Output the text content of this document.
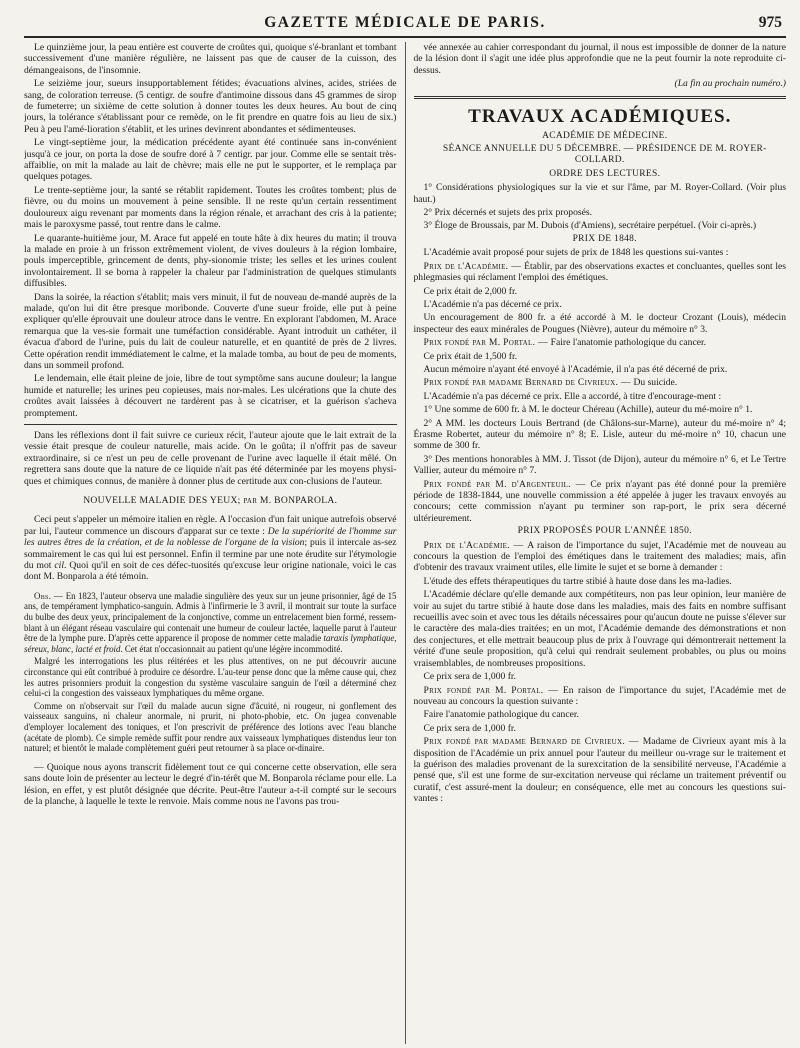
GAZETTE MÉDICALE DE PARIS.	975

Le quinzième jour, la peau entière est couverte de croûtes qui, quoique s'é-branlant et tombant successivement d'une manière régulière, ne laissent pas que de causer de la cuisson, des démangeaisons, de l'insomnie.

Le seizième jour, sueurs insupportablement fétides; évacuations alvines, acides, striées de sang, de coloration terreuse. (5 centigr. de soufre d'antimoine dissous dans 45 grammes de sirop de fumeterre; un sixième de cette solution à donner toutes les deux heures. Au bout de cinq jours, la tolérance s'établissant pour ce remède, on le fit prendre en quatre fois au lieu de six.) Peu à peu l'amé-lioration s'établit, et les urines devinrent abondantes et sédimenteuses.

Le vingt-septième jour, la médication précédente ayant été continuée sans in-convénient jusqu'à ce jour, on porta la dose de soufre doré à 7 centigr. par jour. Comme elle se sentait très-affaiblie, on mit la malade au lait de chèvre; mais elle ne put le supporter, et le remplaça par quelques potages.

Le trente-septième jour, la santé se rétablit rapidement. Toutes les croûtes tombent; plus de fièvre, ou du moins un mouvement à peine sensible. Il ne reste qu'un certain ressentiment douloureux aigu revenant par moments dans la région rénale, et arrachant des cris à la patiente; mais le paroxysme passé, tout rentre dans le calme.

Le quarante-huitième jour, M. Arace fut appelé en toute hâte à dix heures du matin; il trouva la malade en proie à un frisson extrêmement violent, de vives douleurs à la région lombaire, pouls imperceptible, grincement de dents, phy-sionomie triste; les selles et les urines coulent involontairement. Il se borna à rappeler la chaleur par l'administration de quelques stimulants diffusibles.

Dans la soirée, la réaction s'établit; mais vers minuit, il fut de nouveau de-mandé auprès de la malade, qu'on lui dit être presque moribonde. Couverte d'une sueur froide, elle put à peine expliquer qu'elle éprouvait une douleur atroce dans le ventre. En explorant l'abdomen, M. Arace remarqua que la ves-sie formait une tuméfaction considérable. Ayant introduit un cathéter, il évacua d'abord de l'urine, puis du lait de couleur naturelle, et en quantité de près de 2 livres. Cette opération rendit immédiatement le calme, et la malade tomba, au bout de peu de moments, dans un sommeil profond.

Le lendemain, elle était pleine de joie, libre de tout symptôme sans aucune douleur; la langue humide et naturelle; les urines peu copieuses, mais nor-males. Les ulcérations que la chute des croûtes avait laissées à découvert ne tardèrent pas à se cicatriser, et la guérison s'acheva promptement.

Dans les réflexions dont il fait suivre ce curieux récit, l'auteur ajoute que le lait extrait de la vessie était presque de couleur naturelle, mais acide. On le goûta; il n'offrit pas de saveur extraordinaire, si ce n'est un peu de celle provenant de l'urine avec laquelle il était mêlé. On regrettera sans doute que la nature de ce liquide n'ait pas été déterminée par les moyens physi-ques et chimiques connus, de manière à donner plus de certitude aux con-clusions de l'auteur.

NOUVELLE MALADIE DES YEUX; par M. BONPAROLA.

Ceci peut s'appeler un mémoire italien en règle. A l'occasion d'un fait unique autrefois observé par lui, l'auteur commence un discours d'apparat sur ce texte : De la supériorité de l'homme sur les autres êtres de la création, et de la noblesse de l'organe de la vision; puis il intercale as-sez sommairement le cas qui lui est personnel. Enfin il termine par une note érudite sur l'étymologie du mot cil. Quoi qu'il en soit de ces défec-tuosités qu'excuse leur origine nationale, voici le cas dont M. Bonparola a été témoin.

Obs. — En 1823, l'auteur observa une maladie singulière des yeux sur un jeune prisonnier, âgé de 15 ans, de tempérament lymphatico-sanguin. Admis à l'infirmerie le 3 avril, il montrait sur toute la surface du bulbe des deux yeux, principalement de la conjonctive, comme un entrelacement bien formé, ressem-blant à un élégant réseau vasculaire qui contenait une humeur de couleur lactée, laquelle parut à l'auteur être de la lymphe pure. D'après cette apparence il propose de nommer cette maladie taraxis lymphatique, séreux, blanc, lacté et froid. Cet état n'occasionnait au patient qu'une légère incommodité.

Malgré les interrogations les plus réitérées et les plus attentives, on ne put découvrir aucune circonstance qui eût contribué à produire ce désordre. L'au-teur pense donc que la même cause qui, chez les autres prisonniers produit la congestion du système vasculaire sanguin de l'œil a déterminé chez celui-ci la congestion des vaisseaux lymphatiques du même organe.

Comme on n'observait sur l'œil du malade aucun signe d'âcuité, ni rougeur, ni gonflement des vaisseaux sanguins, ni chaleur anormale, ni prurit, ni photo-phobie, etc. On jugea convenable d'employer localement des toniques, et l'on prescrivit de préférence des lotions avec l'eau blanche (acétate de plomb). Ce simple remède suffit pour rendre aux vaisseaux lymphatiques distendus leur ton naturel; et bientôt le malade complètement guéri peut retourner à sa place or-dinaire.

— Quoique nous ayons transcrit fidèlement tout ce qui concerne cette observation, elle sera sans doute loin de présenter au lecteur le degré d'in-térêt que M. Bonparola réclame pour elle. La lésion, en effet, y est plutôt désignée que décrite. Peut-être l'auteur a-t-il compté sur le secours de la planche, à laquelle le texte le renvoie. Mais comme nous ne l'avons pas trou-

vée annexée au cahier correspondant du journal, il nous est impossible de donner de la nature de la lésion dont il s'agit une idée plus approfondie que ne la peut fournir la note reproduite ci-dessus.

(La fin au prochain numéro.)

TRAVAUX ACADÉMIQUES.

ACADÉMIE DE MÉDECINE.

SÉANCE ANNUELLE DU 5 DÉCEMBRE. — PRÉSIDENCE DE M. ROYER-COLLARD.

ORDRE DES LECTURES.

1° Considérations physiologiques sur la vie et sur l'âme, par M. Royer-Collard. (Voir plus haut.)

2° Prix décernés et sujets des prix proposés.

3° Éloge de Broussais, par M. Dubois (d'Amiens), secrétaire perpétuel. (Voir ci-après.)

PRIX DE 1848.

L'Académie avait proposé pour sujets de prix de 1848 les questions sui-vantes :

Prix de l'Académie. — Établir, par des observations exactes et concluantes, quelles sont les phlegmasies qui réclament l'emploi des émétiques.

Ce prix était de 2,000 fr.

L'Académie n'a pas décerné ce prix.

Un encouragement de 800 fr. a été accordé à M. le docteur Crozant (Louis), médecin inspecteur des eaux minérales de Pougues (Nièvre), auteur du mémoire n° 3.

Prix fondé par M. Portal. — Faire l'anatomie pathologique du cancer.

Ce prix était de 1,500 fr.

Aucun mémoire n'ayant été envoyé à l'Académie, il n'a pas été décerné de prix.

Prix fondé par madame Bernard de Civrieux. — Du suicide.

L'Académie n'a pas décerné ce prix. Elle a accordé, à titre d'encourage-ment :

1° Une somme de 600 fr. à M. le docteur Chéreau (Achille), auteur du mé-moire n° 1.

2° A MM. les docteurs Louis Bertrand (de Châlons-sur-Marne), auteur du mé-moire n° 4; Érasme Robertet, auteur du mémoire n° 8; E. Lisle, auteur du mé-moire n° 10, chacun une somme de 300 fr.

3° Des mentions honorables à MM. J. Tissot (de Dijon), auteur du mémoire n° 6, et Le Tertre Vallier, auteur du mémoire n° 7.

Prix fondé par M. d'Argenteuil. — Ce prix n'ayant pas été donné pour la première période de 1838-1844, une nouvelle commission a été appelée à juger les travaux envoyés au concours; cette commission n'ayant pu terminer son rap-port, le prix sera décerné ultérieurement.

PRIX PROPOSÉS POUR L'ANNÉE 1850.

Prix de l'Académie. — A raison de l'importance du sujet, l'Académie met de nouveau au concours la question de l'emploi des émétiques dans le traitement des maladies; mais, afin d'obtenir des travaux vraiment utiles, elle limite le sujet et se borne à demander :

L'étude des effets thérapeutiques du tartre stibié à haute dose dans les ma-ladies.

L'Académie déclare qu'elle demande aux compétiteurs, non pas leur opinion, leur manière de voir au sujet du tartre stibié à haute dose dans les maladies, mais des faits en nombre suffisant recueillis avec soin et avec tous les détails nécessaires pour qu'aucun doute ne puisse s'élever sur le caractère des mala-dies traitées; en un mot, l'Académie demande des démonstrations et non des conjectures, et elle mettrait beaucoup plus de prix à l'ouvrage qui démontrerait nettement la vérité d'une seule proposition, qu'à celui qui rendrait seulement probables, ou plus ou moins vraisemblables, de nombreuses propositions.

Ce prix sera de 1,000 fr.

Prix fondé par M. Portal. — En raison de l'importance du sujet, l'Académie met de nouveau au concours la question suivante :

Faire l'anatomie pathologique du cancer.

Ce prix sera de 1,000 fr.

Prix fondé par madame Bernard de Civrieux. — Madame de Civrieux ayant mis à la disposition de l'Académie un prix annuel pour l'auteur du meilleur ou-vrage sur le traitement et la guérison des maladies provenant de la surexcitation de la sensibilité nerveuse, l'Académie a pensé que, s'il est une forme de sur-excitation nerveuse qui réclame un traitement préventif ou curatif, c'est assuré-ment la douleur; en conséquence, elle met au concours les questions sui-vantes :
